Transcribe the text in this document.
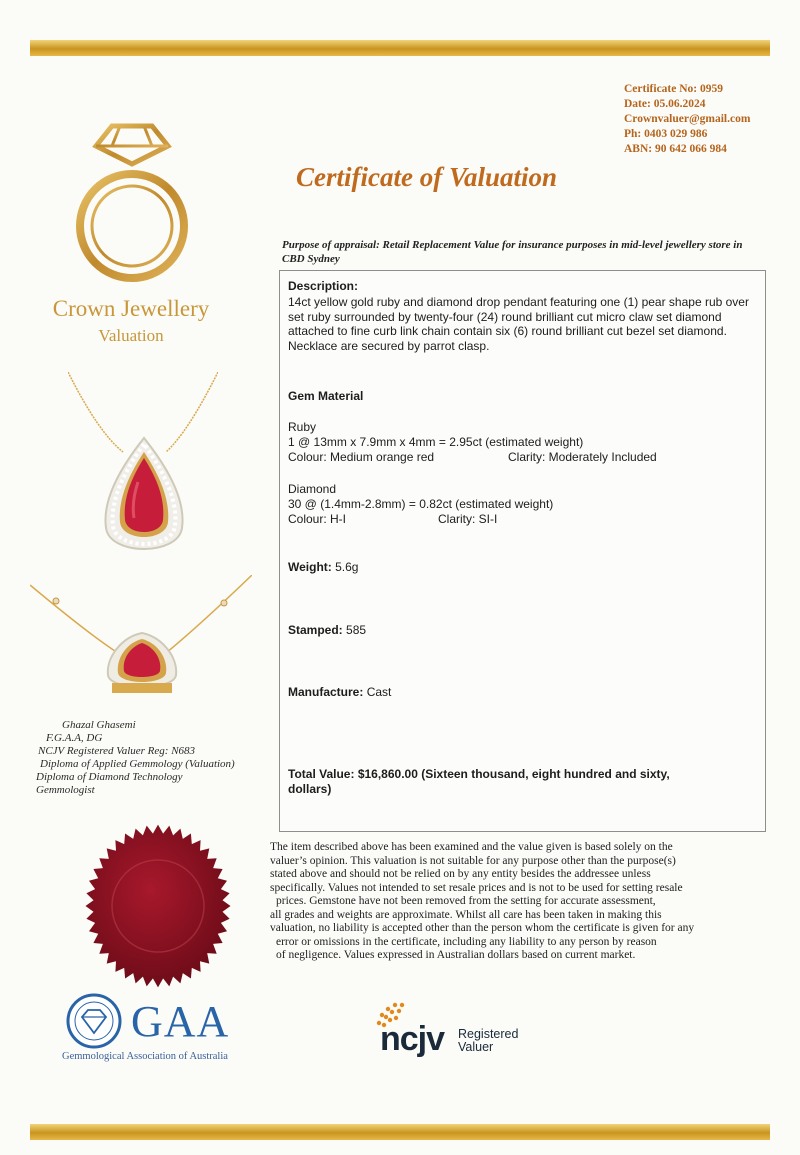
Certificate No: 0959
Date: 05.06.2024
Crownvaluer@gmail.com
Ph: 0403 029 986
ABN: 90 642 066 984
Certificate of Valuation
Crown Jewellery
Valuation
Ghazal Ghasemi
F.G.A.A, DG
NCJV Registered Valuer Reg: N683
Diploma of Applied Gemmology (Valuation)
Diploma of Diamond Technology
Gemmologist
GAA
Gemmological Association of Australia
Purpose of appraisal: Retail Replacement Value for insurance purposes in mid-level jewellery store in CBD Sydney
Description:
14ct yellow gold ruby and diamond drop pendant featuring one (1) pear shape rub over set ruby surrounded by twenty-four (24) round brilliant cut micro claw set diamond attached to fine curb link chain contain six (6) round brilliant cut bezel set diamond. Necklace are secured by parrot clasp.
Gem Material
Ruby
1 @ 13mm x 7.9mm x 4mm = 2.95ct (estimated weight)
Colour: Medium orange red	Clarity: Moderately Included
Diamond
30 @ (1.4mm-2.8mm) = 0.82ct (estimated weight)
Colour: H-I	Clarity: SI-I
Weight: 5.6g
Stamped: 585
Manufacture: Cast
Total Value: $16,860.00 (Sixteen thousand, eight hundred and sixty,
dollars)
The item described above has been examined and the value given is based solely on the
valuer’s opinion. This valuation is not suitable for any purpose other than the purpose(s)
stated above and should not be relied on by any entity besides the addressee unless
specifically. Values not intended to set resale prices and is not to be used for setting resale
prices. Gemstone have not been removed from the setting for accurate assessment,
all grades and weights are approximate. Whilst all care has been taken in making this
valuation, no liability is accepted other than the person whom the certificate is given for any
error or omissions in the certificate, including any liability to any person by reason
of negligence. Values expressed in Australian dollars based on current market.
ncjv Registered
Valuer
